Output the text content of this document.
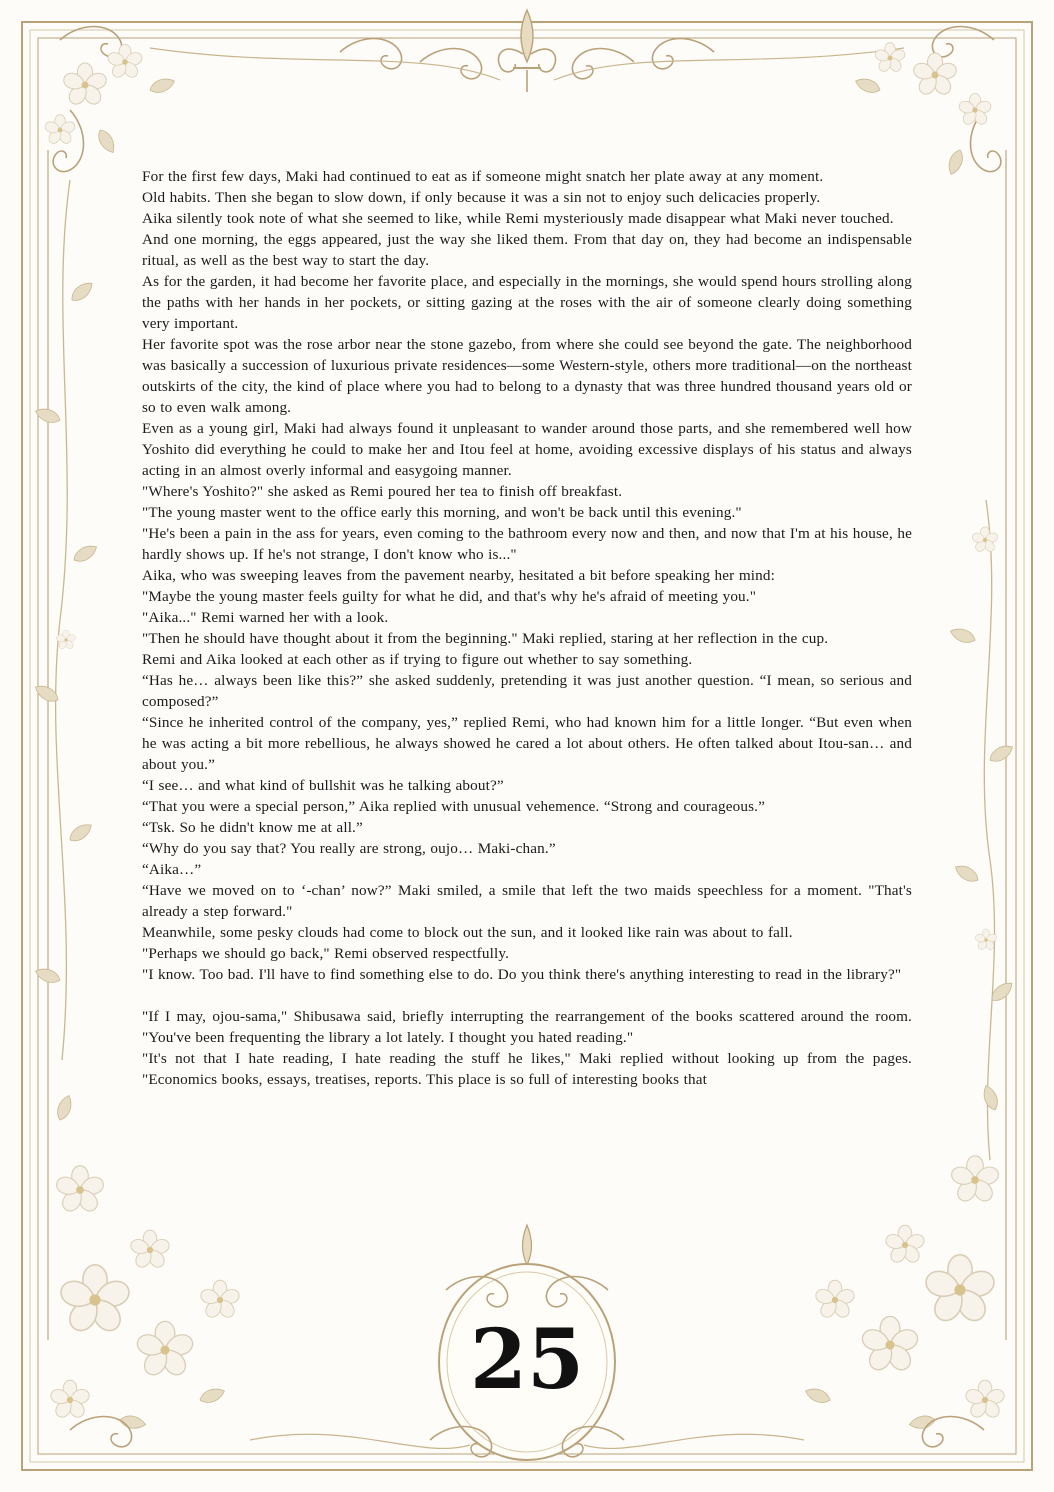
For the first few days, Maki had continued to eat as if someone might snatch her plate away at any moment.

Old habits. Then she began to slow down, if only because it was a sin not to enjoy such delicacies properly.

Aika silently took note of what she seemed to like, while Remi mysteriously made disappear what Maki never touched.

And one morning, the eggs appeared, just the way she liked them. From that day on, they had become an indispensable ritual, as well as the best way to start the day.

As for the garden, it had become her favorite place, and especially in the mornings, she would spend hours strolling along the paths with her hands in her pockets, or sitting gazing at the roses with the air of someone clearly doing something very important.

Her favorite spot was the rose arbor near the stone gazebo, from where she could see beyond the gate. The neighborhood was basically a succession of luxurious private residences—some Western-style, others more traditional—on the northeast outskirts of the city, the kind of place where you had to belong to a dynasty that was three hundred thousand years old or so to even walk among.

Even as a young girl, Maki had always found it unpleasant to wander around those parts, and she remembered well how Yoshito did everything he could to make her and Itou feel at home, avoiding excessive displays of his status and always acting in an almost overly informal and easygoing manner.

"Where's Yoshito?" she asked as Remi poured her tea to finish off breakfast.

"The young master went to the office early this morning, and won't be back until this evening."

"He's been a pain in the ass for years, even coming to the bathroom every now and then, and now that I'm at his house, he hardly shows up. If he's not strange, I don't know who is..."

Aika, who was sweeping leaves from the pavement nearby, hesitated a bit before speaking her mind:

"Maybe the young master feels guilty for what he did, and that's why he's afraid of meeting you."

"Aika..." Remi warned her with a look.

"Then he should have thought about it from the beginning." Maki replied, staring at her reflection in the cup.

Remi and Aika looked at each other as if trying to figure out whether to say something.

“Has he… always been like this?” she asked suddenly, pretending it was just another question. “I mean, so serious and composed?”

“Since he inherited control of the company, yes,” replied Remi, who had known him for a little longer. “But even when he was acting a bit more rebellious, he always showed he cared a lot about others. He often talked about Itou-san… and about you.”

“I see… and what kind of bullshit was he talking about?”

“That you were a special person,” Aika replied with unusual vehemence. “Strong and courageous.”

“Tsk. So he didn't know me at all.”

“Why do you say that? You really are strong, oujo… Maki-chan.”

“Aika…”

“Have we moved on to ‘-chan’ now?” Maki smiled, a smile that left the two maids speechless for a moment. "That's already a step forward."

Meanwhile, some pesky clouds had come to block out the sun, and it looked like rain was about to fall.

"Perhaps we should go back," Remi observed respectfully.

"I know. Too bad. I'll have to find something else to do. Do you think there's anything interesting to read in the library?"

"If I may, ojou-sama," Shibusawa said, briefly interrupting the rearrangement of the books scattered around the room. "You've been frequenting the library a lot lately. I thought you hated reading."

"It's not that I hate reading, I hate reading the stuff he likes," Maki replied without looking up from the pages. "Economics books, essays, treatises, reports. This place is so full of interesting books that

25
